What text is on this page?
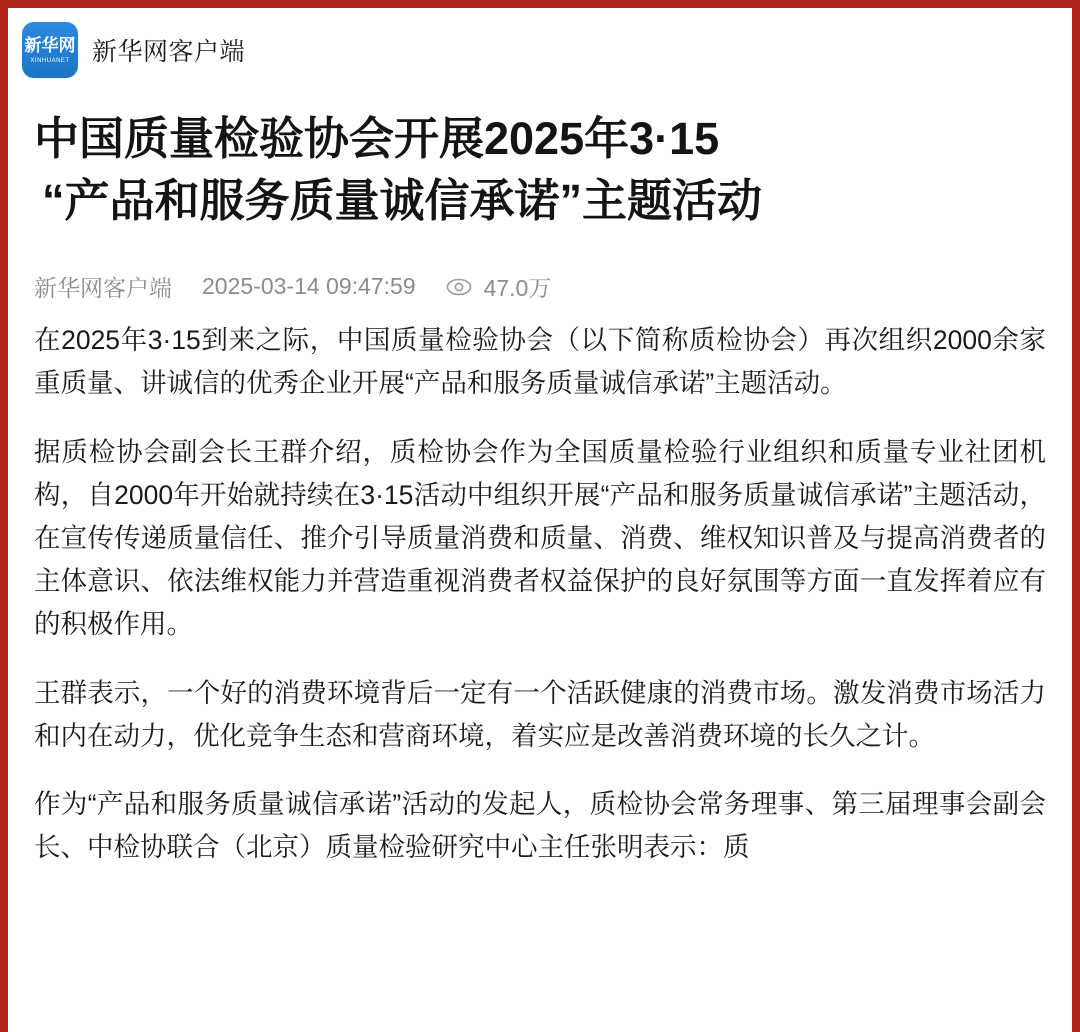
新华网
XINHUANET 新华网客户端
中国质量检验协会开展2025年3·15
“产品和服务质量诚信承诺”主题活动
新华网客户端 2025-03-14 09:47:59	47.0万

在2025年3·15到来之际，中国质量检验协会（以下简称质检协会）再次组织2000余家重质量、讲诚信的优秀企业开展“产品和服务质量诚信承诺”主题活动。

据质检协会副会长王群介绍，质检协会作为全国质量检验行业组织和质量专业社团机构，自2000年开始就持续在3·15活动中组织开展“产品和服务质量诚信承诺”主题活动，在宣传传递质量信任、推介引导质量消费和质量、消费、维权知识普及与提高消费者的主体意识、依法维权能力并营造重视消费者权益保护的良好氛围等方面一直发挥着应有的积极作用。

王群表示，一个好的消费环境背后一定有一个活跃健康的消费市场。激发消费市场活力和内在动力，优化竞争生态和营商环境，着实应是改善消费环境的长久之计。

作为“产品和服务质量诚信承诺”活动的发起人，质检协会常务理事、第三届理事会副会长、中检协联合（北京）质量检验研究中心主任张明表示：质
